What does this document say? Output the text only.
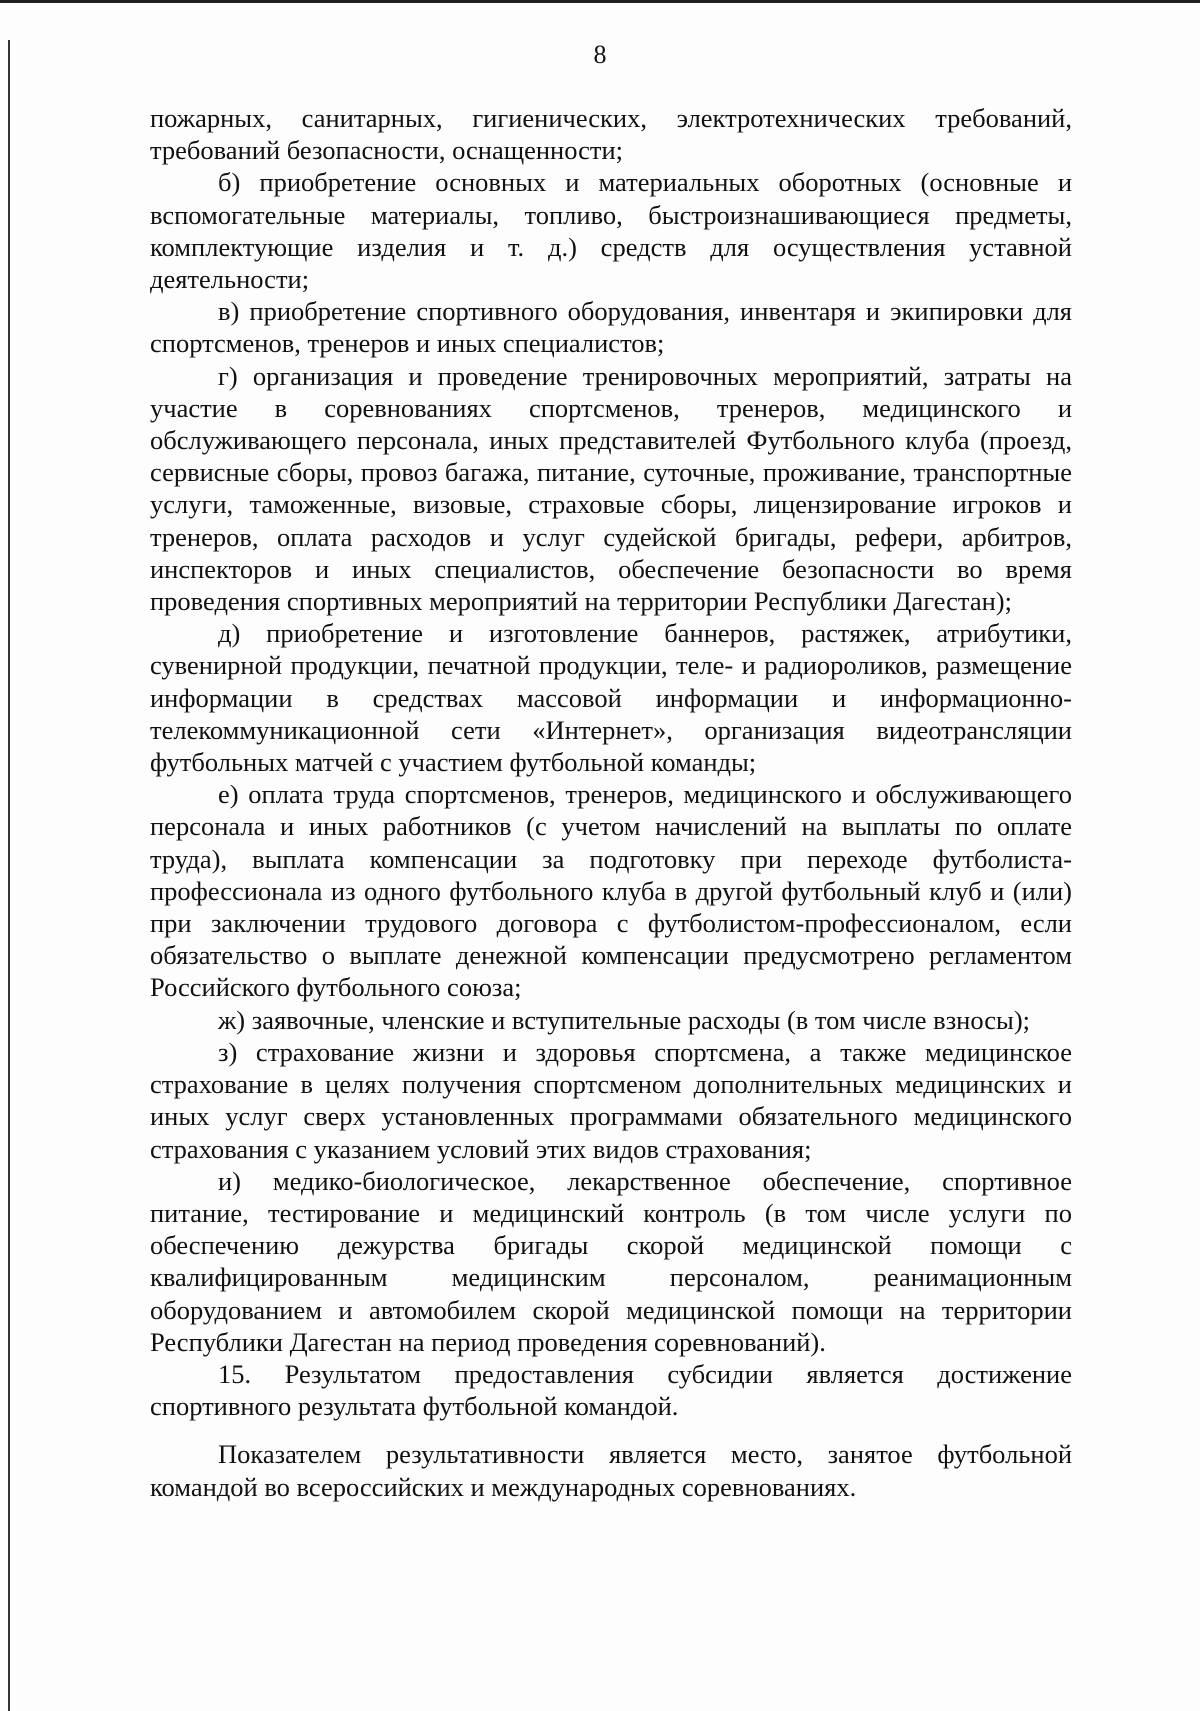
8

пожарных, санитарных, гигиенических, электротехнических требований, требований безопасности, оснащенности;

б) приобретение основных и материальных оборотных (основные и вспомогательные материалы, топливо, быстроизнашивающиеся предметы, комплектующие изделия и т. д.) средств для осуществления уставной деятельности;

в) приобретение спортивного оборудования, инвентаря и экипировки для спортсменов, тренеров и иных специалистов;

г) организация и проведение тренировочных мероприятий, затраты на участие в соревнованиях спортсменов, тренеров, медицинского и обслуживающего персонала, иных представителей Футбольного клуба (проезд, сервисные сборы, провоз багажа, питание, суточные, проживание, транспортные услуги, таможенные, визовые, страховые сборы, лицензирование игроков и тренеров, оплата расходов и услуг судейской бригады, рефери, арбитров, инспекторов и иных специалистов, обеспечение безопасности во время проведения спортивных мероприятий на территории Республики Дагестан);

д) приобретение и изготовление баннеров, растяжек, атрибутики, сувенирной продукции, печатной продукции, теле- и радиороликов, размещение информации в средствах массовой информации и информационно-телекоммуникационной сети «Интернет», организация видеотрансляции футбольных матчей с участием футбольной команды;

е) оплата труда спортсменов, тренеров, медицинского и обслуживающего персонала и иных работников (с учетом начислений на выплаты по оплате труда), выплата компенсации за подготовку при переходе футболиста-профессионала из одного футбольного клуба в другой футбольный клуб и (или) при заключении трудового договора с футболистом-профессионалом, если обязательство о выплате денежной компенсации предусмотрено регламентом Российского футбольного союза;

ж) заявочные, членские и вступительные расходы (в том числе взносы);

з) страхование жизни и здоровья спортсмена, а также медицинское страхование в целях получения спортсменом дополнительных медицинских и иных услуг сверх установленных программами обязательного медицинского страхования с указанием условий этих видов страхования;

и) медико-биологическое, лекарственное обеспечение, спортивное питание, тестирование и медицинский контроль (в том числе услуги по обеспечению дежурства бригады скорой медицинской помощи с квалифицированным медицинским персоналом, реанимационным оборудованием и автомобилем скорой медицинской помощи на территории Республики Дагестан на период проведения соревнований).

15. Результатом предоставления субсидии является достижение спортивного результата футбольной командой.

Показателем результативности является место, занятое футбольной командой во всероссийских и международных соревнованиях.
